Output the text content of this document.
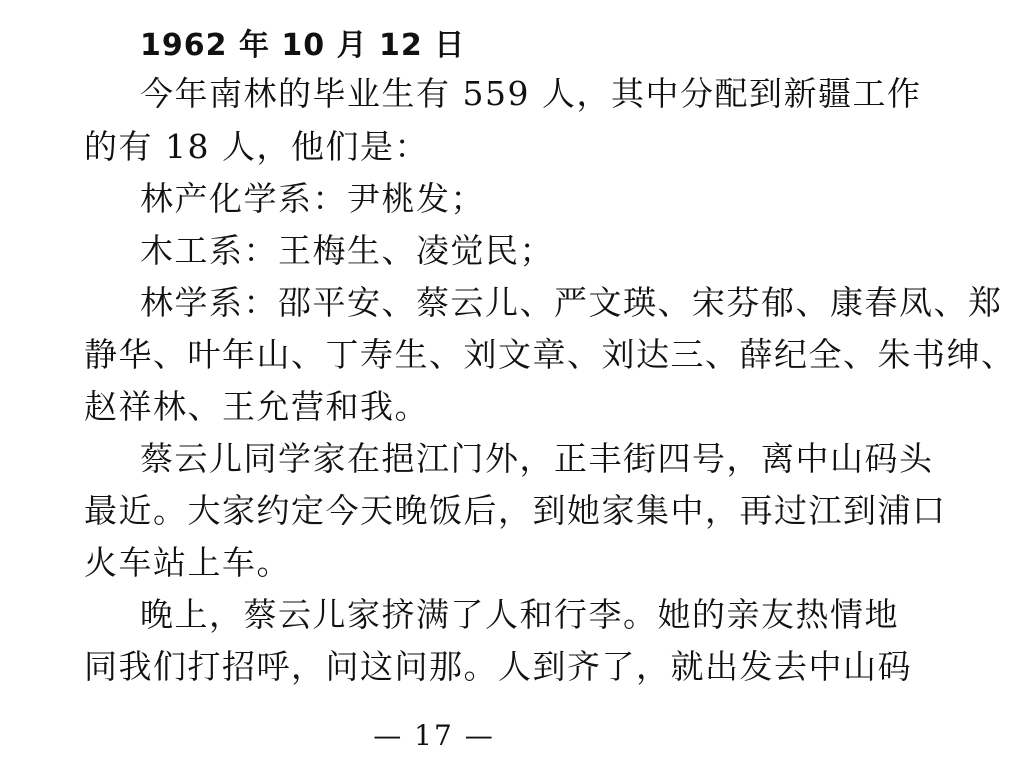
1962 年 10 月 12 日
今年南林的毕业生有 559 人，其中分配到新疆工作
的有 18 人，他们是：
林产化学系：尹桃发；
木工系：王梅生、凌觉民；
林学系：邵平安、蔡云儿、严文瑛、宋芬郁、康春凤、郑
静华、叶年山、丁寿生、刘文章、刘达三、薛纪全、朱书绅、
赵祥林、王允营和我。
蔡云儿同学家在挹江门外，正丰街四号，离中山码头
最近。大家约定今天晚饭后，到她家集中，再过江到浦口
火车站上车。
晚上，蔡云儿家挤满了人和行李。她的亲友热情地
同我们打招呼，问这问那。人到齐了，就出发去中山码
— 17 —
